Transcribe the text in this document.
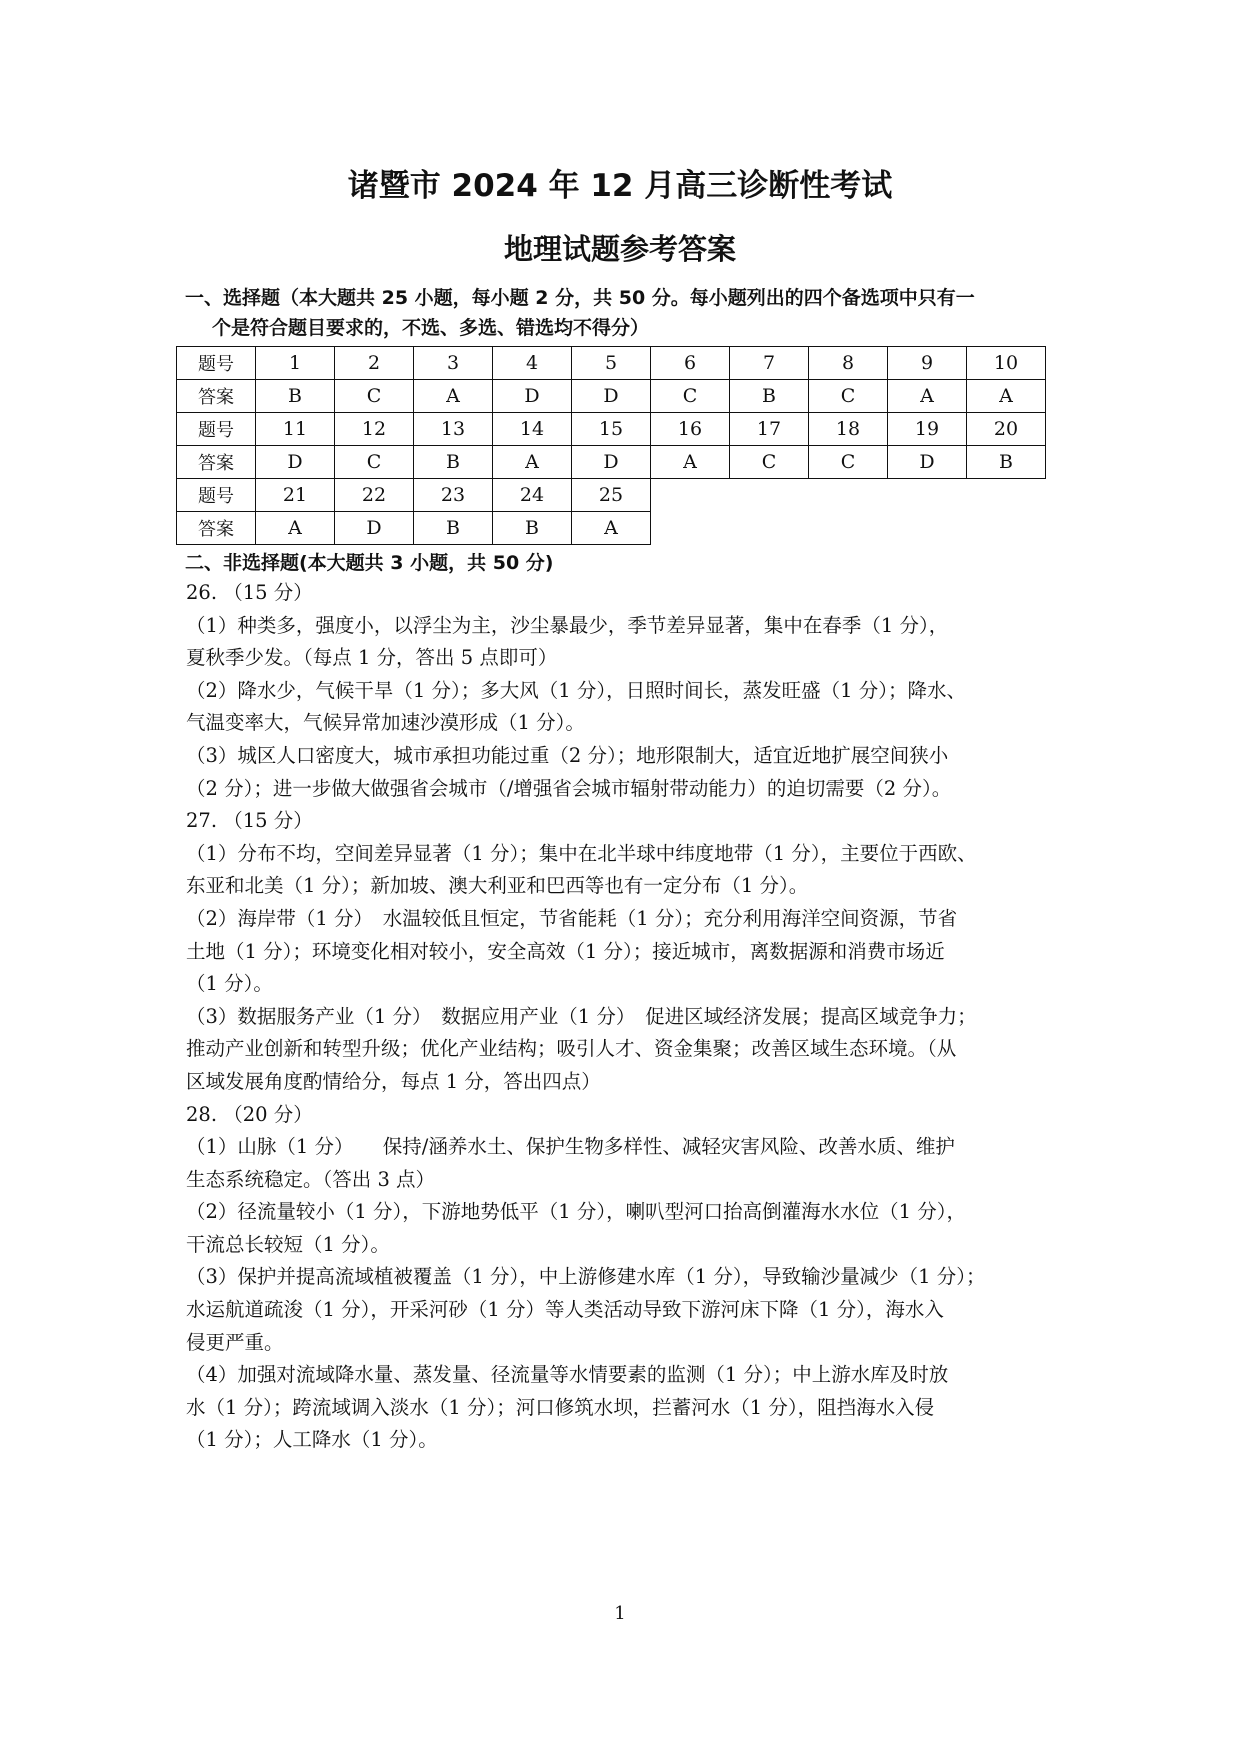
诸暨市 2024 年 12 月高三诊断性考试
地理试题参考答案
一、选择题（本大题共 25 小题，每小题 2 分，共 50 分。每小题列出的四个备选项中只有一
个是符合题目要求的，不选、多选、错选均不得分）
题号	1	2	3	4	5	6	7	8	9	10
答案	B	C	A	D	D	C	B	C	A	A
题号	11	12	13	14	15	16	17	18	19	20
答案	D	C	B	A	D	A	C	C	D	B
题号	21	22	23	24	25					
答案	A	D	B	B	A					
二、非选择题(本大题共 3 小题，共 50 分)

26. （15 分）

（1）种类多，强度小，以浮尘为主，沙尘暴最少，季节差异显著，集中在春季（1 分），

夏秋季少发。（每点 1 分，答出 5 点即可）

（2）降水少，气候干旱（1 分）；多大风（1 分），日照时间长，蒸发旺盛（1 分）；降水、

气温变率大，气候异常加速沙漠形成（1 分）。

（3）城区人口密度大，城市承担功能过重（2 分）；地形限制大，适宜近地扩展空间狭小

（2 分）；进一步做大做强省会城市（/增强省会城市辐射带动能力）的迫切需要（2 分）。

27. （15 分）

（1）分布不均，空间差异显著（1 分）；集中在北半球中纬度地带（1 分），主要位于西欧、

东亚和北美（1 分）；新加坡、澳大利亚和巴西等也有一定分布（1 分）。

（2）海岸带（1 分）　水温较低且恒定，节省能耗（1 分）；充分利用海洋空间资源，节省

土地（1 分）；环境变化相对较小，安全高效（1 分）；接近城市，离数据源和消费市场近

（1 分）。

（3）数据服务产业（1 分）　数据应用产业（1 分）　促进区域经济发展；提高区域竞争力；

推动产业创新和转型升级；优化产业结构；吸引人才、资金集聚；改善区域生态环境。（从

区域发展角度酌情给分，每点 1 分，答出四点）

28. （20 分）

（1）山脉（1 分）　　保持/涵养水土、保护生物多样性、减轻灾害风险、改善水质、维护

生态系统稳定。（答出 3 点）

（2）径流量较小（1 分），下游地势低平（1 分），喇叭型河口抬高倒灌海水水位（1 分），

干流总长较短（1 分）。

（3）保护并提高流域植被覆盖（1 分），中上游修建水库（1 分），导致输沙量减少（1 分）；

水运航道疏浚（1 分），开采河砂（1 分）等人类活动导致下游河床下降（1 分），海水入

侵更严重。

（4）加强对流域降水量、蒸发量、径流量等水情要素的监测（1 分）；中上游水库及时放

水（1 分）；跨流域调入淡水（1 分）；河口修筑水坝，拦蓄河水（1 分），阻挡海水入侵

（1 分）；人工降水（1 分）。

1
